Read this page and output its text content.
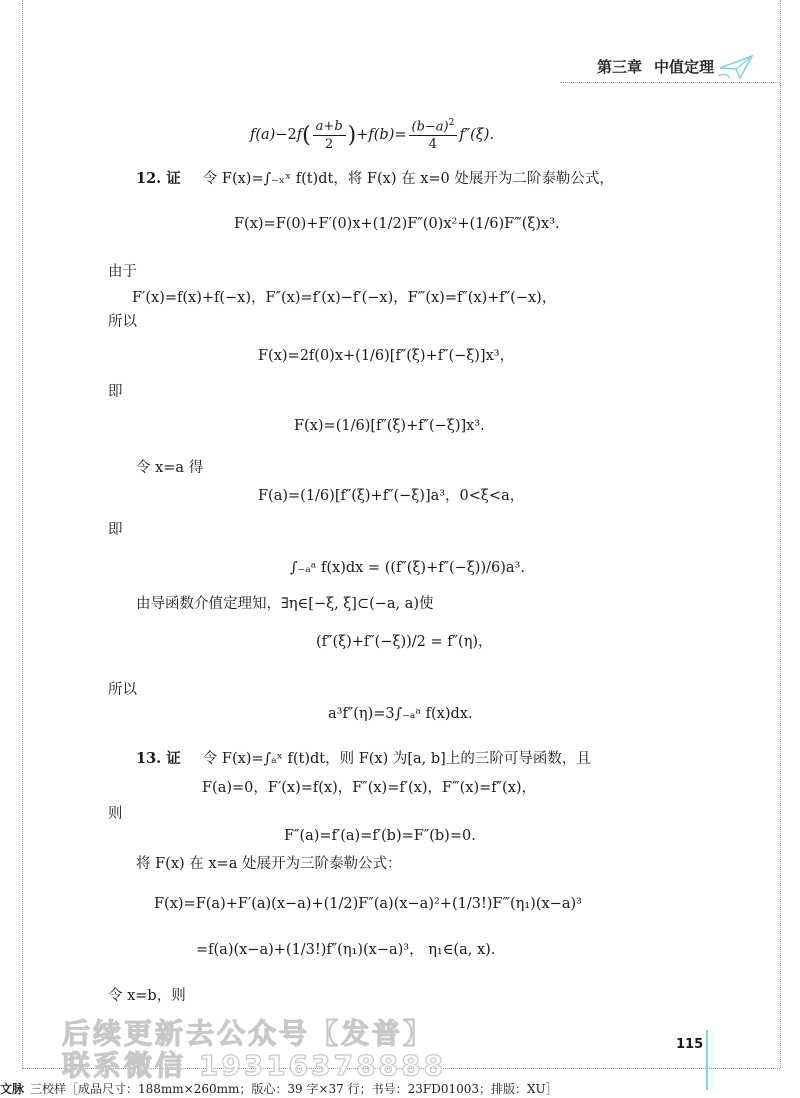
第三章 中值定理
f(a) −2 f ( $\frac{a+b}{2}$ ) + $f(b) = \frac{(b-a)^2}{4} f''(\xi)$.
12. 证 令 F(x)=∫₋ₓˣ f(t)dt，将 F(x) 在 x=0 处展开为二阶泰勒公式，
F(x)=F(0)+F′(0)x+(1/2)F″(0)x²+(1/6)F‴(ξ)x³.
由于
F′(x)=f(x)+f(−x)，F″(x)=f′(x)−f′(−x)，F‴(x)=f″(x)+f″(−x)，
所以
F(x)=2f(0)x+(1/6)[f″(ξ)+f″(−ξ)]x³，
即
F(x)=(1/6)[f″(ξ)+f″(−ξ)]x³.
令 x=a 得
F(a)=(1/6)[f″(ξ)+f″(−ξ)]a³，0<ξ<a，
即
∫₋ₐᵃ f(x)dx = ((f″(ξ)+f″(−ξ))/6)a³.
由导函数介值定理知，∃η∈[−ξ, ξ]⊂(−a, a)使
(f″(ξ)+f″(−ξ))/2 = f″(η)，
所以
a³f″(η)=3∫₋ₐᵃ f(x)dx.
13. 证 令 F(x)=∫ₐˣ f(t)dt，则 F(x) 为[a, b]上的三阶可导函数，且
F(a)=0，F′(x)=f(x)，F″(x)=f′(x)，F‴(x)=f″(x)，
则
F″(a)=f′(a)=f′(b)=F″(b)=0.
将 F(x) 在 x=a 处展开为三阶泰勒公式：
F(x)=F(a)+F′(a)(x−a)+(1/2)F″(a)(x−a)²+(1/3!)F‴(η₁)(x−a)³
=f(a)(x−a)+(1/3!)f″(η₁)(x−a)³， η₁∈(a, x).
令 x=b，则
115
后续更新去公众号【发普】
联系微信 19316378888
文脉 三校样［成品尺寸：188mm×260mm；版心：39 字×37 行；书号：23FD01003；排版：XU］
